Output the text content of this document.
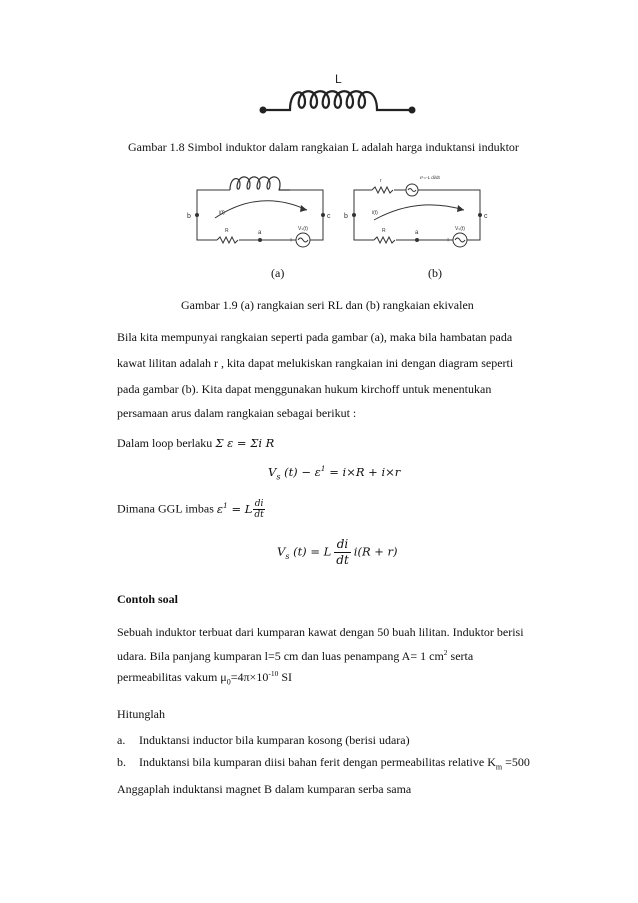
L
Gambar 1.8 Simbol induktor dalam rangkaian L adalah harga induktansi induktor
b	c
a
i(t)
R	Vₛ(t)
+	-
b	c
a
i(t)
r
R
ε¹=-L di/dt
Vₛ(t)
+	-
(a)	(b)
Gambar 1.9 (a) rangkaian seri RL dan (b) rangkaian ekivalen
Bila kita mempunyai rangkaian seperti pada gambar (a), maka bila hambatan pada
kawat lilitan adalah r , kita dapat melukiskan rangkaian ini dengan diagram seperti
pada gambar (b). Kita dapat menggunakan hukum kirchoff untuk menentukan
persamaan arus dalam rangkaian sebagai berikut :
Dalam loop berlaku Σ ε = Σi R
$V_s$ $(t) - \varepsilon^1 = i\times R + i\times r$
Dimana GGL imbas $\varepsilon^1 = L \frac{di}{dt}$
$V_s$ (t) = L $\frac{di}{dt} i(R + r)$
Contoh soal
Sebuah induktor terbuat dari kumparan kawat dengan 50 buah lilitan. Induktor berisi
udara. Bila panjang kumparan l=5 cm dan luas penampang A= 1 $cm^2$ serta
permeabilitas vakum $\mu_0=4\pi\times 10^{-10}$ SI
Hitunglah
a. Induktansi inductor bila kumparan kosong (berisi udara)
b. Induktansi bila kumparan diisi bahan ferit dengan permeabilitas relative $K_m =500$
Anggaplah induktansi magnet B dalam kumparan serba sama
